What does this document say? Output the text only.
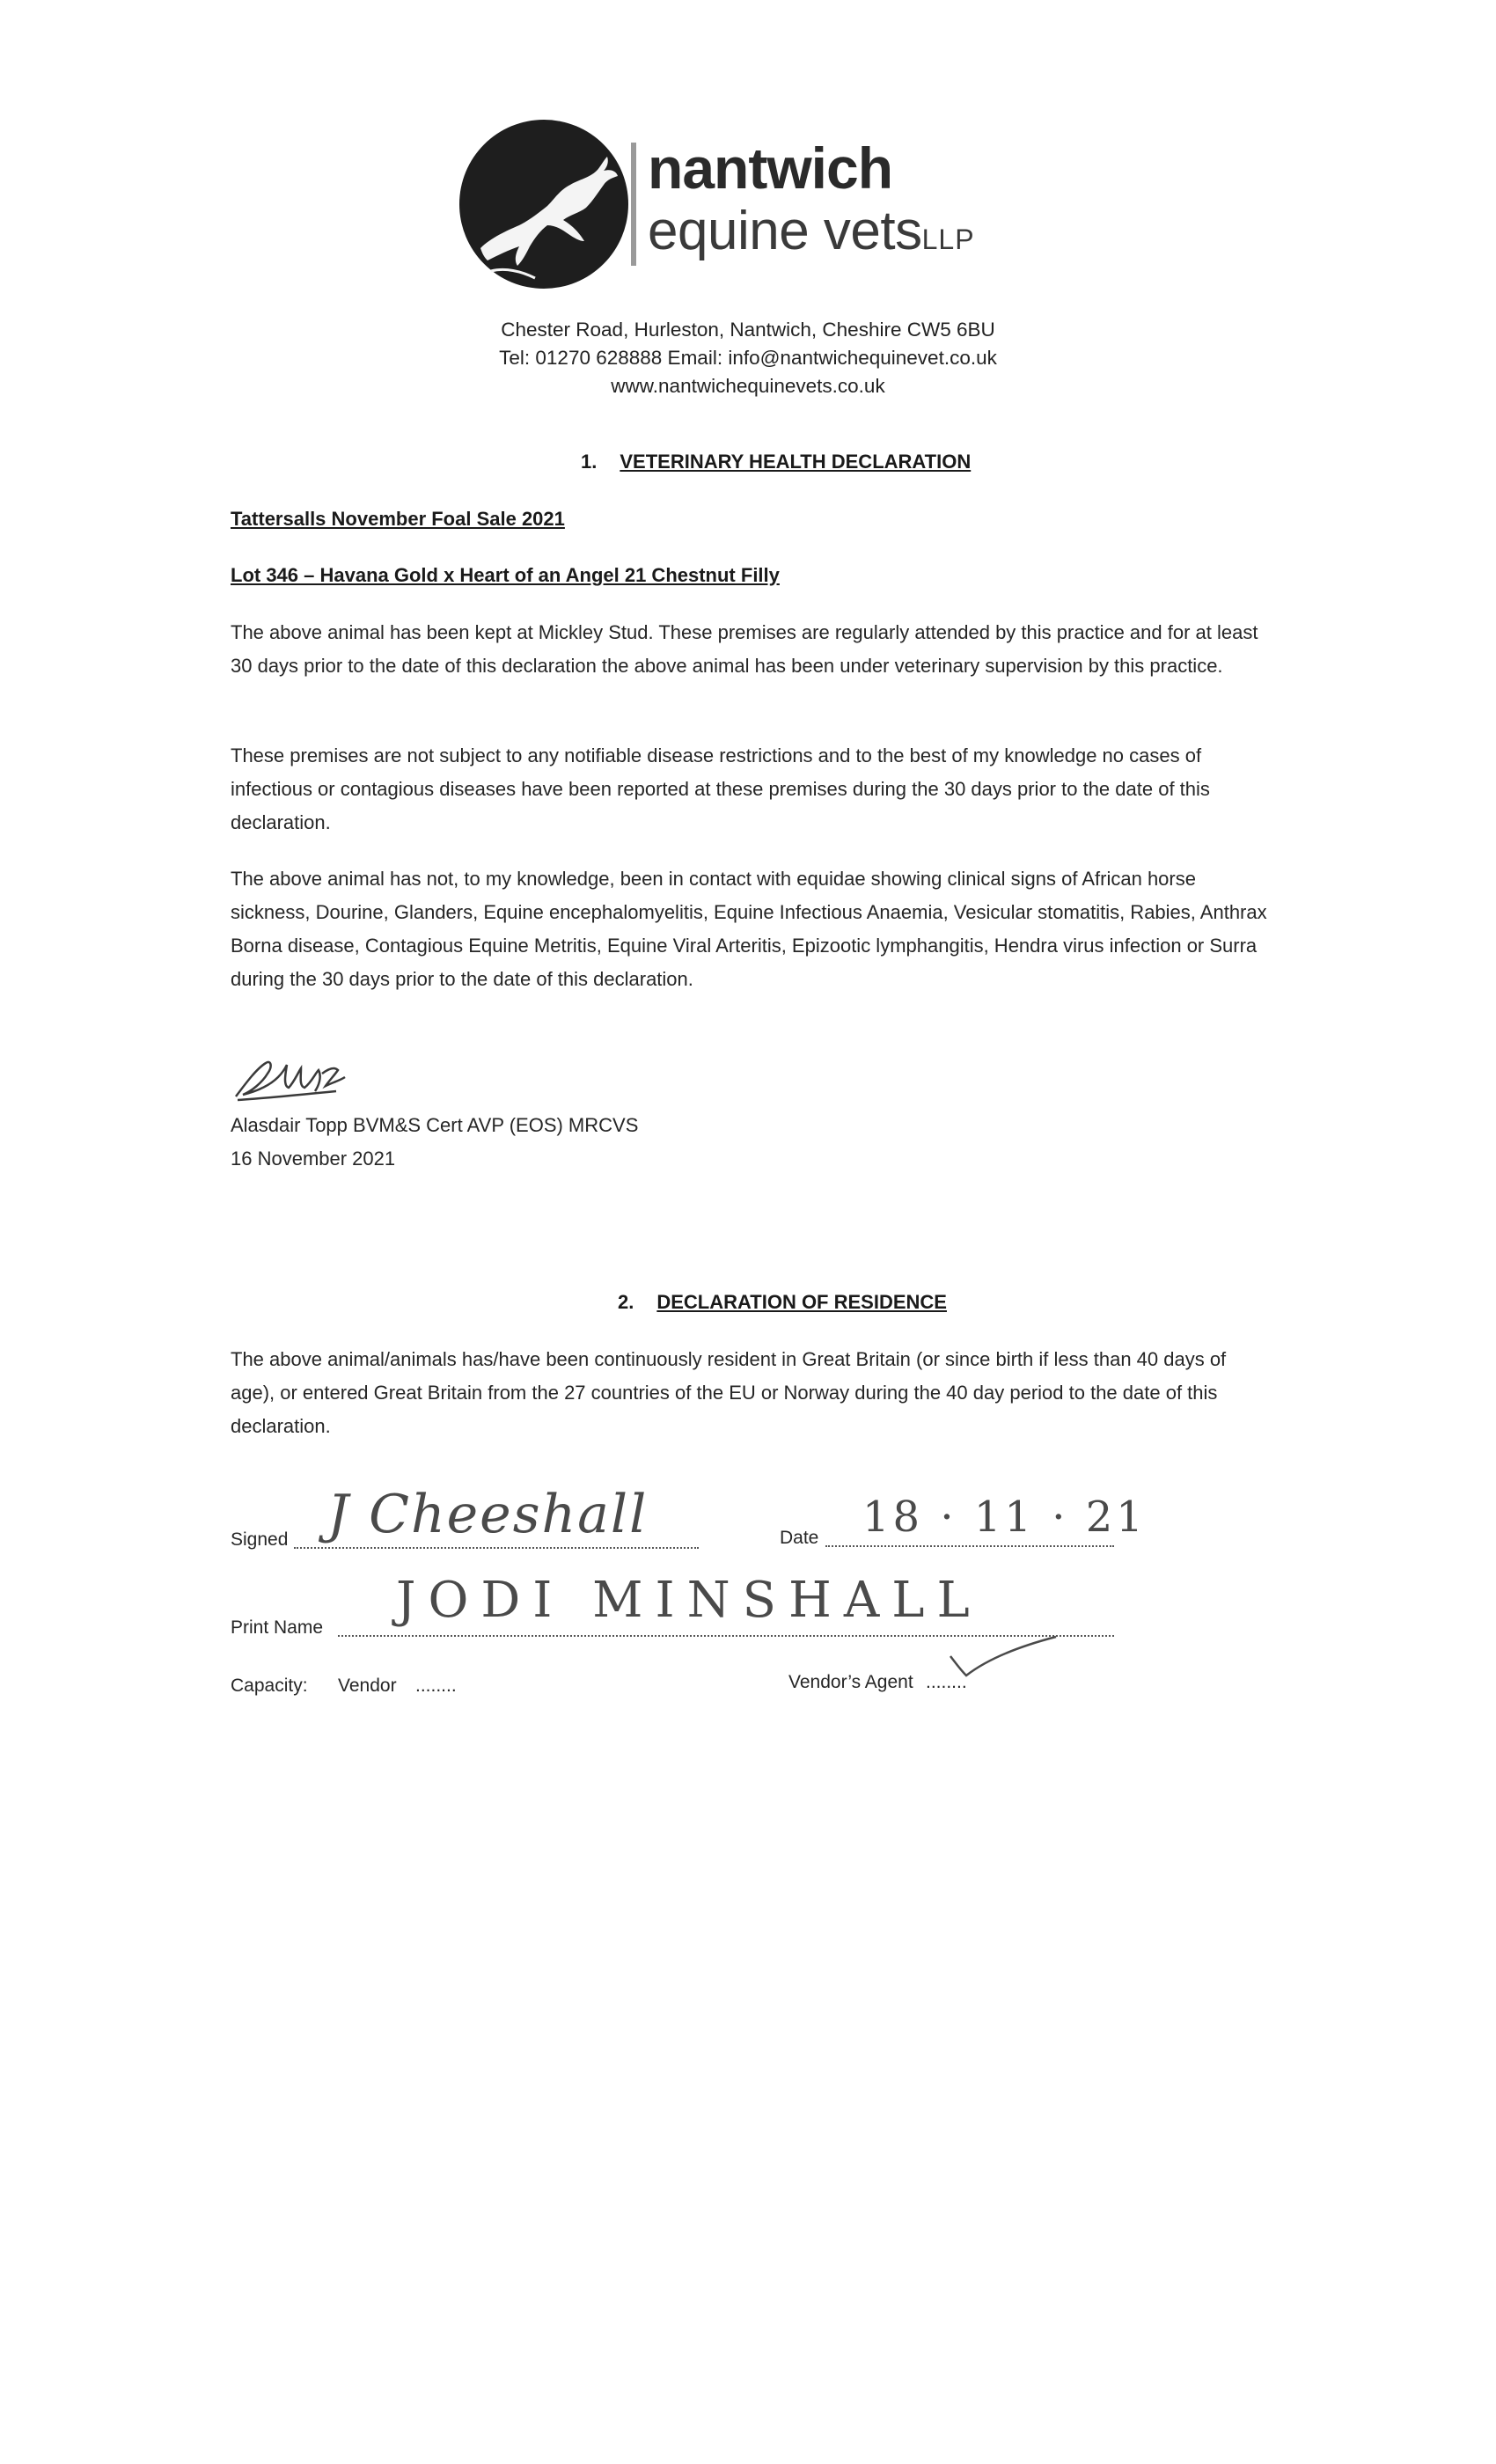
nantwich
equine vetsLLP
Chester Road, Hurleston, Nantwich, Cheshire CW5 6BU
Tel: 01270 628888 Email: info@nantwichequinevet.co.uk
www.nantwichequinevets.co.uk
1. VETERINARY HEALTH DECLARATION
Tattersalls November Foal Sale 2021
Lot 346 – Havana Gold x Heart of an Angel 21 Chestnut Filly

The above animal has been kept at Mickley Stud. These premises are regularly attended by this practice and for at least 30 days prior to the date of this declaration the above animal has been under veterinary supervision by this practice.

These premises are not subject to any notifiable disease restrictions and to the best of my knowledge no cases of infectious or contagious diseases have been reported at these premises during the 30 days prior to the date of this declaration.

The above animal has not, to my knowledge, been in contact with equidae showing clinical signs of African horse sickness, Dourine, Glanders, Equine encephalomyelitis, Equine Infectious Anaemia, Vesicular stomatitis, Rabies, Anthrax Borna disease, Contagious Equine Metritis, Equine Viral Arteritis, Epizootic lymphangitis, Hendra virus infection or Surra during the 30 days prior to the date of this declaration.

Alasdair Topp BVM&S Cert AVP (EOS) MRCVS
16 November 2021
2. DECLARATION OF RESIDENCE

The above animal/animals has/have been continuously resident in Great Britain (or since birth if less than 40 days of age), or entered Great Britain from the 27 countries of the EU or Norway during the 40 day period to the date of this declaration.

Signed J Cheeshall	Date 18 · 11 · 21
Print Name JODI MINSHALL
Capacity: Vendor ........	Vendor’s Agent ........
